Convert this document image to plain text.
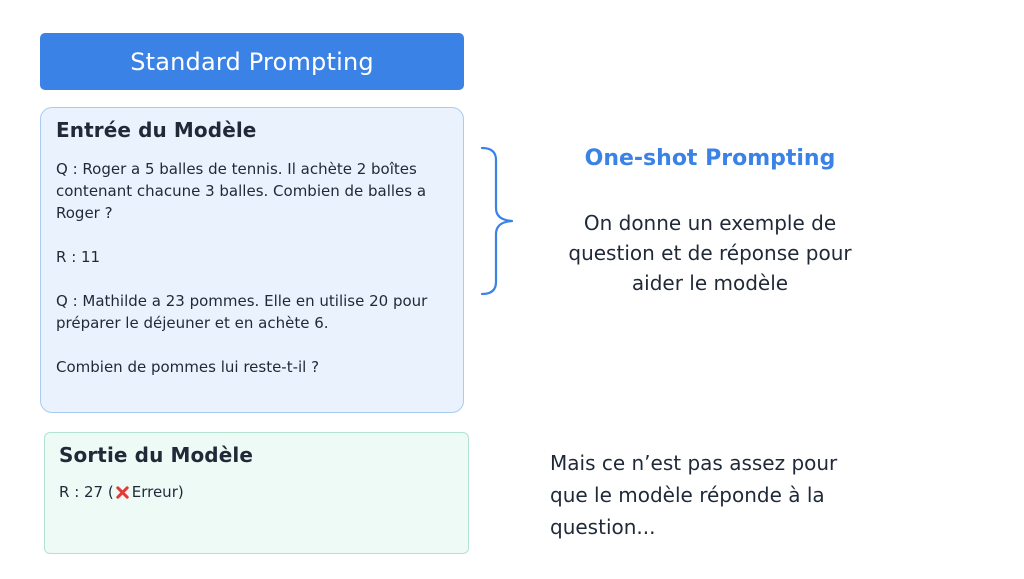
Standard Prompting
Entrée du Modèle

Q : Roger a 5 balles de tennis. Il achète 2 boîtes contenant chacune 3 balles. Combien de balles a Roger ?

R : 11

Q : Mathilde a 23 pommes. Elle en utilise 20 pour préparer le déjeuner et en achète 6.

Combien de pommes lui reste-t-il ?

Sortie du Modèle
R : 27 ( Erreur)
One-shot Prompting
On donne un exemple de question et de réponse pour aider le modèle
Mais ce n’est pas assez pour que le modèle réponde à la question...
